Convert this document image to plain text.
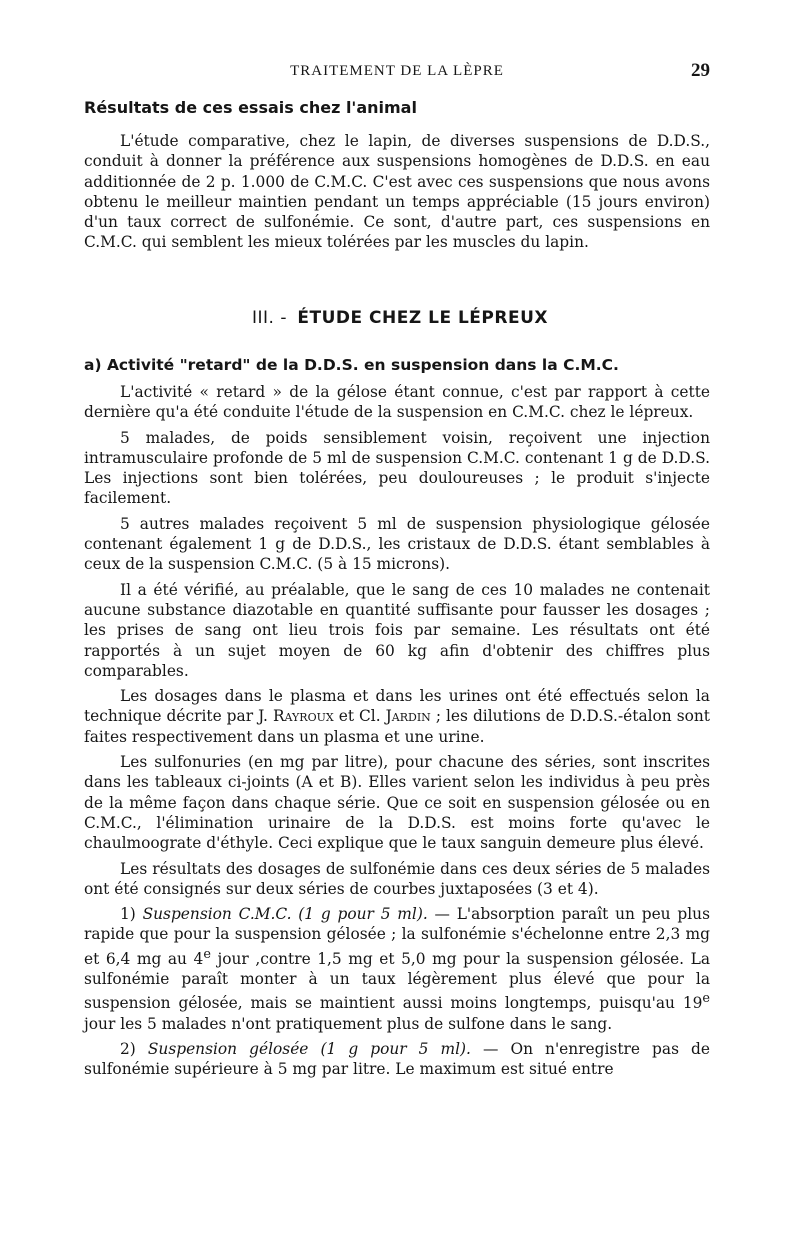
TRAITEMENT DE LA LÈPRE	29
Résultats de ces essais chez l'animal

L'étude comparative, chez le lapin, de diverses suspensions de D.D.S., conduit à donner la préférence aux suspensions homogènes de D.D.S. en eau additionnée de 2 p. 1.000 de C.M.C. C'est avec ces suspensions que nous avons obtenu le meilleur maintien pendant un temps appréciable (15 jours environ) d'un taux correct de sulfonémie. Ce sont, d'autre part, ces suspensions en C.M.C. qui semblent les mieux tolérées par les muscles du lapin.

III. - ÉTUDE CHEZ LE LÉPREUX
a) Activité "retard" de la D.D.S. en suspension dans la C.M.C.

L'activité « retard » de la gélose étant connue, c'est par rapport à cette dernière qu'a été conduite l'étude de la suspension en C.M.C. chez le lépreux.

5 malades, de poids sensiblement voisin, reçoivent une injection intramusculaire profonde de 5 ml de suspension C.M.C. contenant 1 g de D.D.S. Les injections sont bien tolérées, peu douloureuses ; le produit s'injecte facilement.

5 autres malades reçoivent 5 ml de suspension physiologique gélosée contenant également 1 g de D.D.S., les cristaux de D.D.S. étant semblables à ceux de la suspension C.M.C. (5 à 15 microns).

Il a été vérifié, au préalable, que le sang de ces 10 malades ne contenait aucune substance diazotable en quantité suffisante pour fausser les dosages ; les prises de sang ont lieu trois fois par semaine. Les résultats ont été rapportés à un sujet moyen de 60 kg afin d'obtenir des chiffres plus comparables.

Les dosages dans le plasma et dans les urines ont été effectués selon la technique décrite par J. Rayroux et Cl. Jardin ; les dilutions de D.D.S.-étalon sont faites respectivement dans un plasma et une urine.

Les sulfonuries (en mg par litre), pour chacune des séries, sont inscrites dans les tableaux ci-joints (A et B). Elles varient selon les individus à peu près de la même façon dans chaque série. Que ce soit en suspension gélosée ou en C.M.C., l'élimination urinaire de la D.D.S. est moins forte qu'avec le chaulmoograte d'éthyle. Ceci explique que le taux sanguin demeure plus élevé.

Les résultats des dosages de sulfonémie dans ces deux séries de 5 malades ont été consignés sur deux séries de courbes juxtaposées (3 et 4).

1) Suspension C.M.C. (1 g pour 5 ml). — L'absorption paraît un peu plus rapide que pour la suspension gélosée ; la sulfonémie s'échelonne entre 2,3 mg et 6,4 mg au 4e jour ,contre 1,5 mg et 5,0 mg pour la suspension gélosée. La sulfonémie paraît monter à un taux légèrement plus élevé que pour la suspension gélosée, mais se maintient aussi moins longtemps, puisqu'au 19e jour les 5 malades n'ont pratiquement plus de sulfone dans le sang.

2) Suspension gélosée (1 g pour 5 ml). — On n'enregistre pas de sulfonémie supérieure à 5 mg par litre. Le maximum est situé entre
